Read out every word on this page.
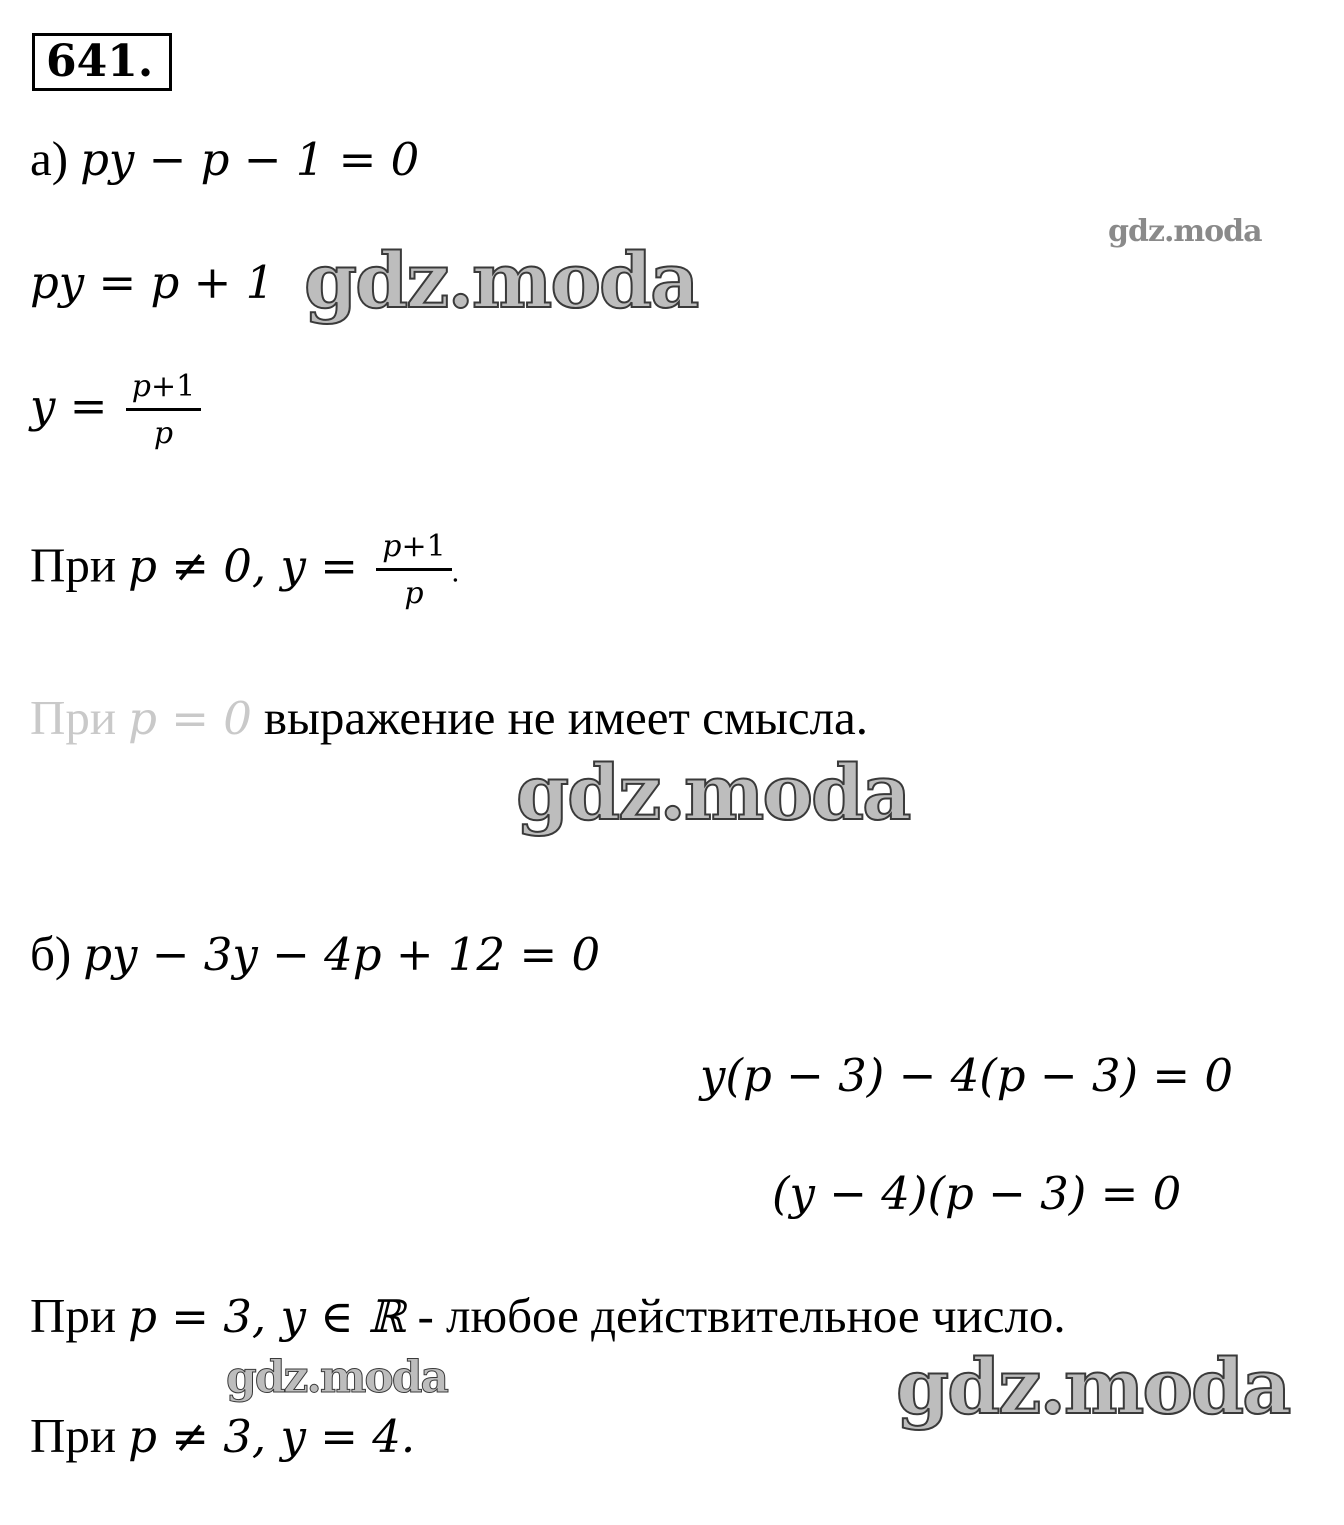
641.
а) py − p − 1 = 0
py = p + 1
$y = \frac{p+1}{p}$
При p ≠ 0, $y = \frac{p+1}{p}$ .
При p = 0 выражение не имеет смысла.
б) py − 3y − 4p + 12 = 0
y(p − 3) − 4(p − 3) = 0
(y − 4)(p − 3) = 0
При p = 3, y ∈ ℝ - любое действительное число.
При p ≠ 3, y = 4.
gdz.moda
gdz.moda
gdz.moda
gdz.moda	gdz.moda
